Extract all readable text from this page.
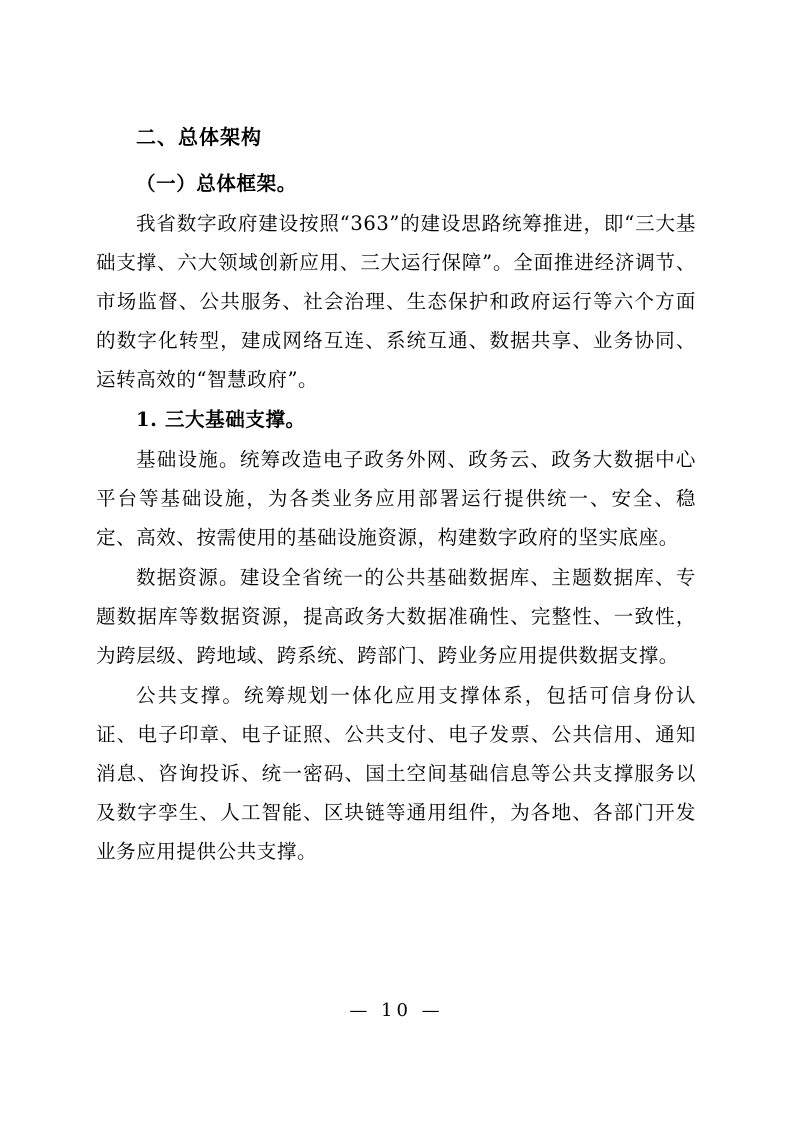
二、总体架构

（一）总体框架。

我省数字政府建设按照“363”的建设思路统筹推进，即“三大基础支撑、六大领域创新应用、三大运行保障”。全面推进经济调节、市场监督、公共服务、社会治理、生态保护和政府运行等六个方面的数字化转型，建成网络互连、系统互通、数据共享、业务协同、运转高效的“智慧政府”。

1. 三大基础支撑。

基础设施。统筹改造电子政务外网、政务云、政务大数据中心平台等基础设施，为各类业务应用部署运行提供统一、安全、稳定、高效、按需使用的基础设施资源，构建数字政府的坚实底座。

数据资源。建设全省统一的公共基础数据库、主题数据库、专题数据库等数据资源，提高政务大数据准确性、完整性、一致性，为跨层级、跨地域、跨系统、跨部门、跨业务应用提供数据支撑。

公共支撑。统筹规划一体化应用支撑体系，包括可信身份认证、电子印章、电子证照、公共支付、电子发票、公共信用、通知消息、咨询投诉、统一密码、国土空间基础信息等公共支撑服务以及数字孪生、人工智能、区块链等通用组件，为各地、各部门开发业务应用提供公共支撑。

— 10 —
